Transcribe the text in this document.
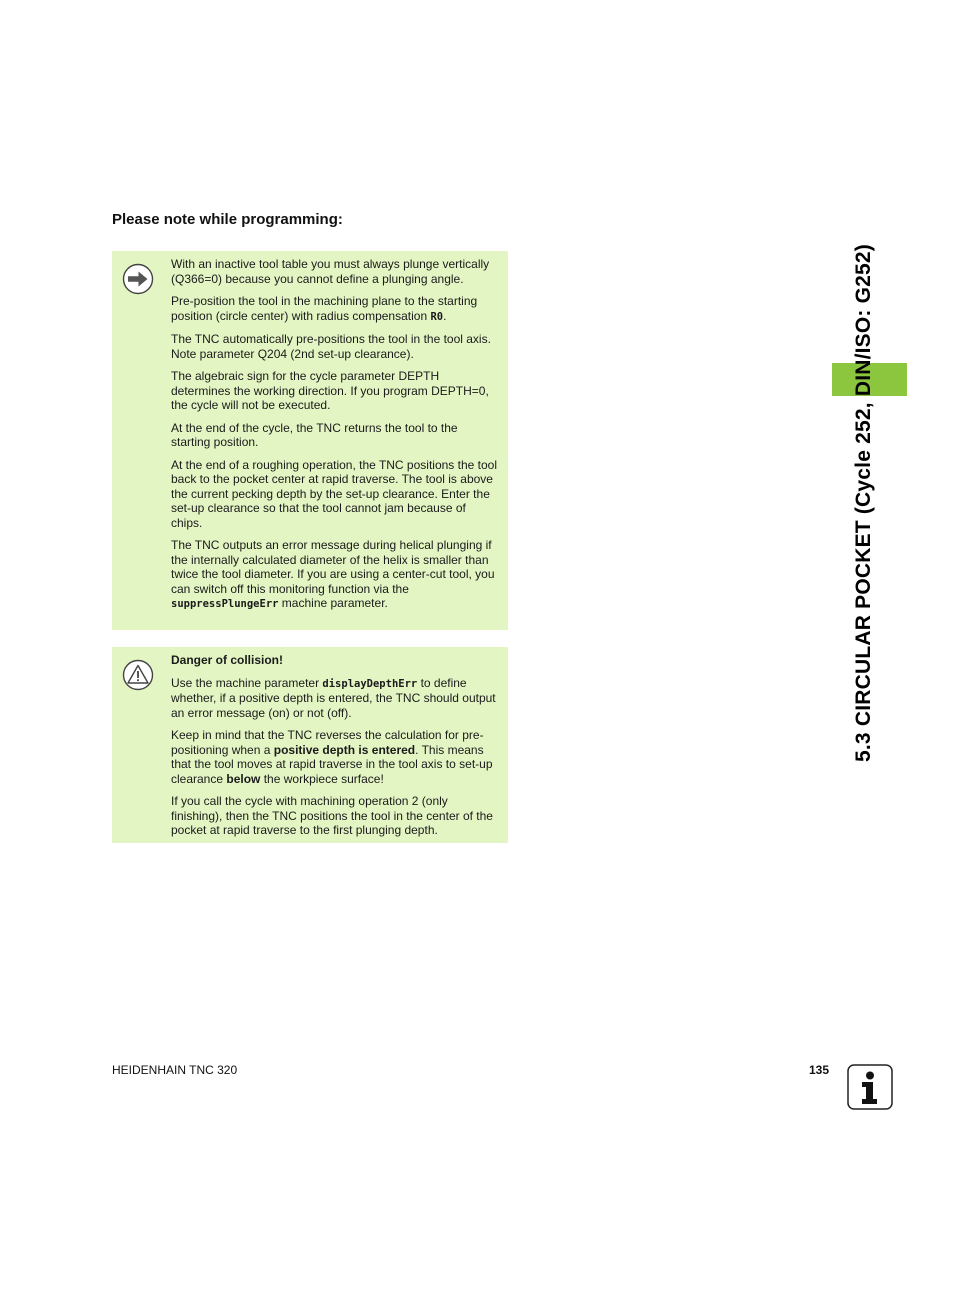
Please note while programming:

With an inactive tool table you must always plunge vertically (Q366=0) because you cannot define a plunging angle.

Pre-position the tool in the machining plane to the starting position (circle center) with radius compensation R0.

The TNC automatically pre-positions the tool in the tool axis. Note parameter Q204 (2nd set-up clearance).

The algebraic sign for the cycle parameter DEPTH determines the working direction. If you program DEPTH=0, the cycle will not be executed.

At the end of the cycle, the TNC returns the tool to the starting position.

At the end of a roughing operation, the TNC positions the tool back to the pocket center at rapid traverse. The tool is above the current pecking depth by the set-up clearance. Enter the set-up clearance so that the tool cannot jam because of chips.

The TNC outputs an error message during helical plunging if the internally calculated diameter of the helix is smaller than twice the tool diameter. If you are using a center-cut tool, you can switch off this monitoring function via the suppressPlungeErr machine parameter.

Danger of collision!

Use the machine parameter displayDepthErr to define whether, if a positive depth is entered, the TNC should output an error message (on) or not (off).

Keep in mind that the TNC reverses the calculation for pre-positioning when a positive depth is entered. This means that the tool moves at rapid traverse in the tool axis to set-up clearance below the workpiece surface!

If you call the cycle with machining operation 2 (only finishing), then the TNC positions the tool in the center of the pocket at rapid traverse to the first plunging depth.

5.3 CIRCULAR POCKET (Cycle 252, DIN/ISO: G252)
HEIDENHAIN TNC 320	135
